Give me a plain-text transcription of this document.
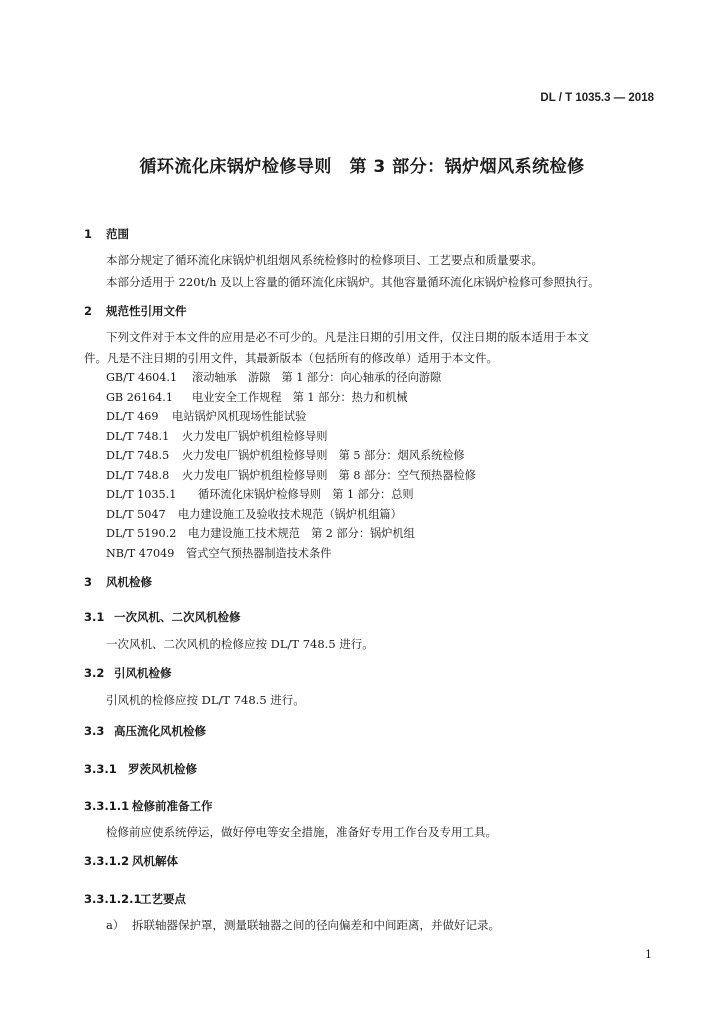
DL / T 1035.3 — 2018
循环流化床锅炉检修导则　第 3 部分：锅炉烟风系统检修
1 范围
本部分规定了循环流化床锅炉机组烟风系统检修时的检修项目、工艺要点和质量要求。
本部分适用于 220t/h 及以上容量的循环流化床锅炉。其他容量循环流化床锅炉检修可参照执行。
2 规范性引用文件
下列文件对于本文件的应用是必不可少的。凡是注日期的引用文件，仅注日期的版本适用于本文
件。凡是不注日期的引用文件，其最新版本（包括所有的修改单）适用于本文件。
GB/T 4604.1 滚动轴承　游隙　第 1 部分：向心轴承的径向游隙
GB 26164.1 电业安全工作规程　第 1 部分：热力和机械
DL/T 469 电站锅炉风机现场性能试验
DL/T 748.1 火力发电厂锅炉机组检修导则
DL/T 748.5 火力发电厂锅炉机组检修导则　第 5 部分：烟风系统检修
DL/T 748.8 火力发电厂锅炉机组检修导则　第 8 部分：空气预热器检修
DL/T 1035.1 循环流化床锅炉检修导则　第 1 部分：总则
DL/T 5047 电力建设施工及验收技术规范（锅炉机组篇）
DL/T 5190.2 电力建设施工技术规范　第 2 部分：锅炉机组
NB/T 47049 管式空气预热器制造技术条件
3 风机检修
3.1 一次风机、二次风机检修
一次风机、二次风机的检修应按 DL/T 748.5 进行。
3.2 引风机检修
引风机的检修应按 DL/T 748.5 进行。
3.3 高压流化风机检修
3.3.1 罗茨风机检修
3.3.1.1 检修前准备工作
检修前应使系统停运，做好停电等安全措施，准备好专用工作台及专用工具。
3.3.1.2 风机解体
3.3.1.2.1工艺要点
a） 拆联轴器保护罩，测量联轴器之间的径向偏差和中间距离，并做好记录。
1
